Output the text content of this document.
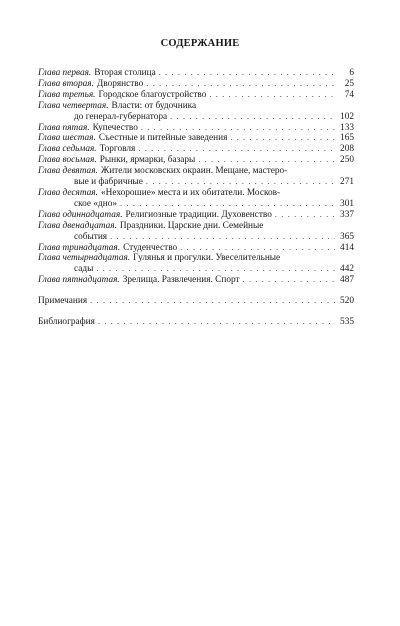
СОДЕРЖАНИЕ
Глава первая. Вторая столица . . .	6
Глава вторая. Дворянство . . .	25
Глава третья. Городское благоустройство . . .	74
Глава четвертая. Власти: от будочника
до генерал-губернатора . . .	102
Глава пятая. Купечество . . .	133
Глава шестая. Съестные и питейные заведения . . .	165
Глава седьмая. Торговля . . .	208
Глава восьмая. Рынки, ярмарки, базары . . .	250
Глава девятая. Жители московских окраин. Мещане, мастеро-
вые и фабричные . . .	271
Глава десятая. «Нехорошие» места и их обитатели. Москов-
ское «дно» . . .	301
Глава одиннадцатая. Религиозные традиции. Духовенство . . .	337
Глава двенадцатая. Праздники. Царские дни. Семейные
события . . .	365
Глава тринадцатая. Студенчество . . .	414
Глава четырнадцатая. Гулянья и прогулки. Увеселительные
сады . . .	442
Глава пятнадцатая. Зрелища. Развлечения. Спорт . . .	487
Примечания . . .	520
Библиография . . .	535
